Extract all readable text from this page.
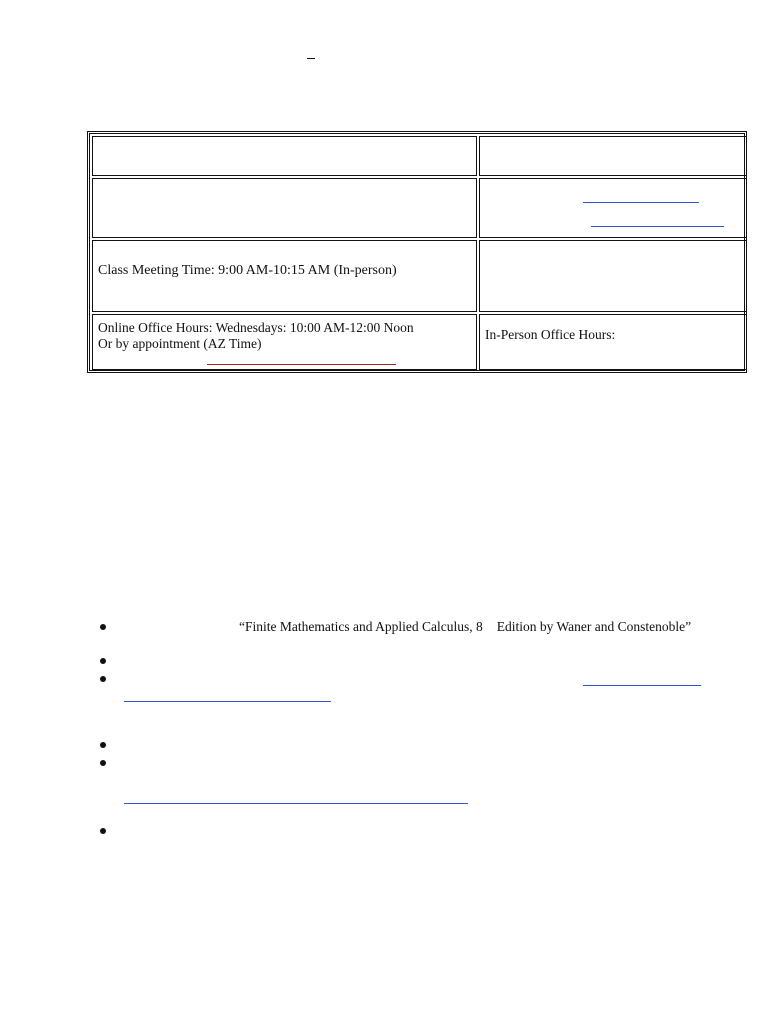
Class Meeting Time: 9:00 AM-10:15 AM (In-person)
Online Office Hours: Wednesdays: 10:00 AM-12:00 Noon
Or by appointment (AZ Time)
In-Person Office Hours:
“Finite Mathematics and Applied Calculus, 8 Edition by Waner and Constenoble”
